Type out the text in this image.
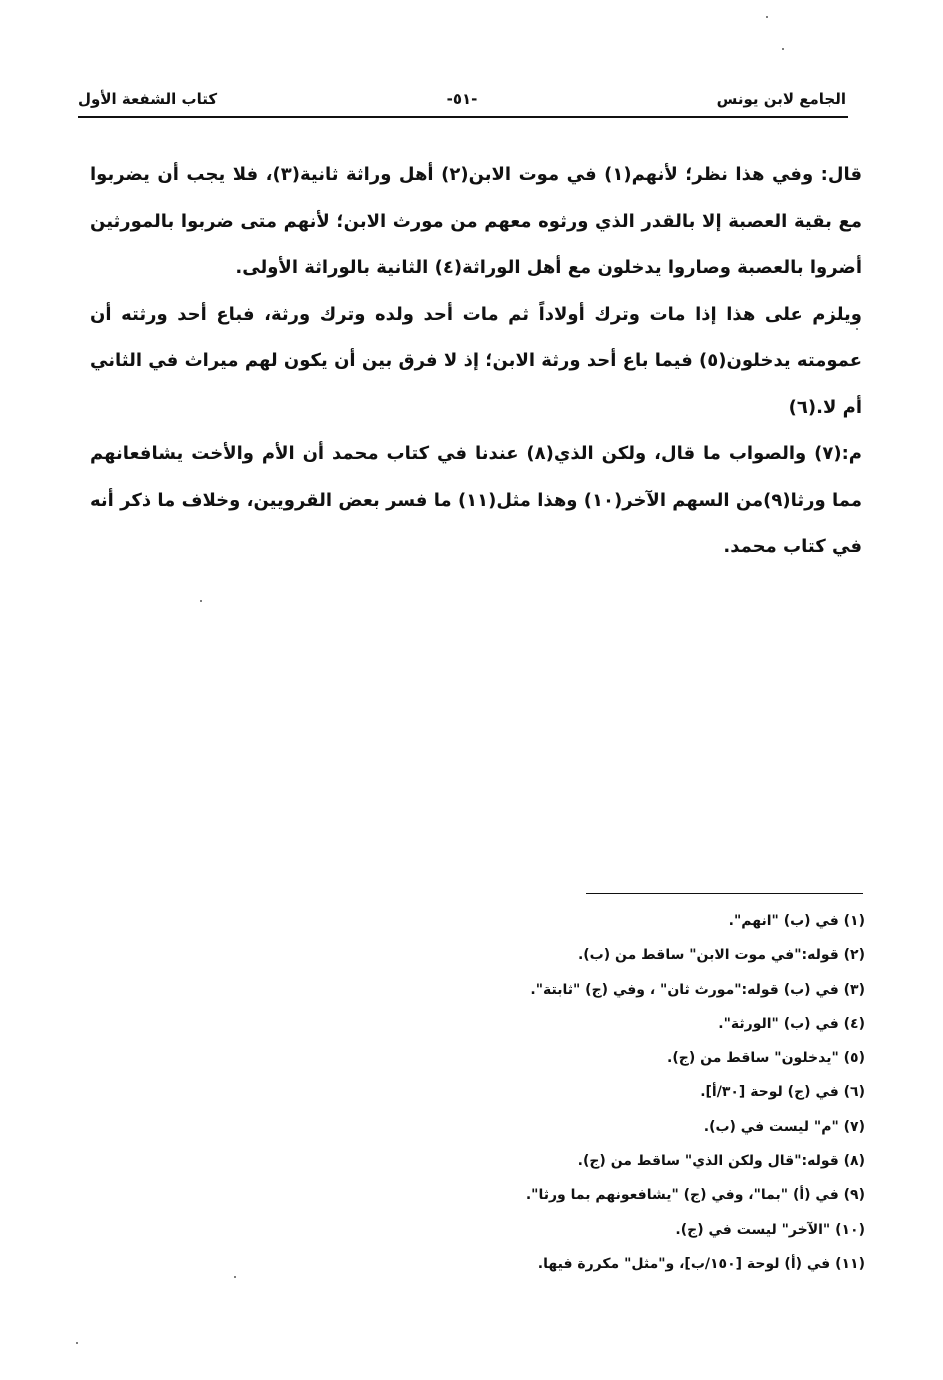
الجامع لابن يونس
-٥١-
كتاب الشفعة الأول

قال: وفي هذا نظر؛ لأنهم(١) في موت الابن(٢) أهل وراثة ثانية(٣)، فلا يجب أن يضربوا مع بقية العصبة إلا بالقدر الذي ورثوه معهم من مورث الابن؛ لأنهم متى ضربوا بالمورثين أضروا بالعصبة وصاروا يدخلون مع أهل الوراثة(٤) الثانية بالوراثة الأولى.

ويلزم على هذا إذا مات وترك أولاداً ثم مات أحد ولده وترك ورثة، فباع أحد ورثته أن عمومته يدخلون(٥) فيما باع أحد ورثة الابن؛ إذ لا فرق بين أن يكون لهم ميراث في الثاني أم لا.(٦)

م:(٧) والصواب ما قال، ولكن الذي(٨) عندنا في كتاب محمد أن الأم والأخت يشافعانهم مما ورثا(٩)من السهم الآخر(١٠) وهذا مثل(١١) ما فسر بعض القرويين، وخلاف ما ذكر أنه في كتاب محمد.

(١) في (ب) "انهم".
(٢) قوله:"في موت الابن" ساقط من (ب).
(٣) في (ب) قوله:"مورث ثان" ، وفي (ج) "ثابتة".
(٤) في (ب) "الورثة".
(٥) "يدخلون" ساقط من (ج).
(٦) في (ج) لوحة [٣٠/أ].
(٧) "م" ليست في (ب).
(٨) قوله:"قال ولكن الذي" ساقط من (ج).
(٩) في (أ) "بما"، وفي (ج) "يشافعونهم بما ورثا".
(١٠) "الآخر" ليست في (ج).
(١١) في (أ) لوحة [١٥٠/ب]، و"مثل" مكررة فيها.
